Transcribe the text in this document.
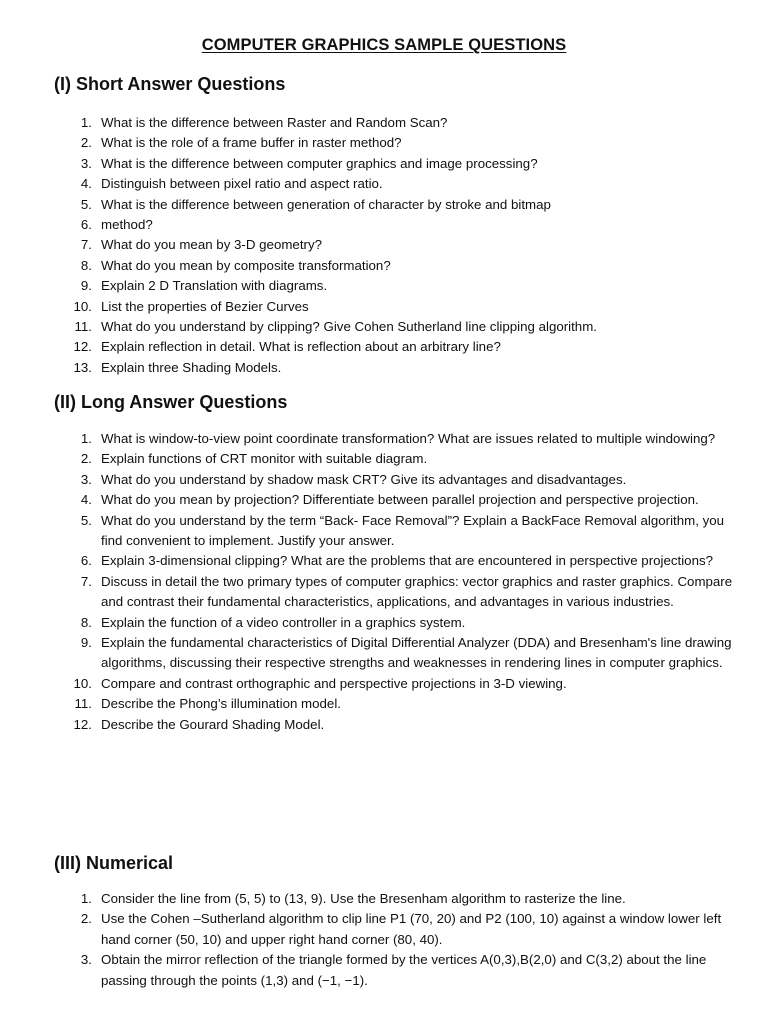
COMPUTER GRAPHICS SAMPLE QUESTIONS
(I) Short Answer Questions
1. What is the difference between Raster and Random Scan?
2. What is the role of a frame buffer in raster method?
3. What is the difference between computer graphics and image processing?
4. Distinguish between pixel ratio and aspect ratio.
5. What is the difference between generation of character by stroke and bitmap
6. method?
7. What do you mean by 3-D geometry?
8. What do you mean by composite transformation?
9. Explain 2 D Translation with diagrams.
10. List the properties of Bezier Curves
11. What do you understand by clipping? Give Cohen Sutherland line clipping algorithm.
12. Explain reflection in detail. What is reflection about an arbitrary line?
13. Explain three Shading Models.
(II) Long Answer Questions
1. What is window-to-view point coordinate transformation? What are issues related to multiple windowing?
2. Explain functions of CRT monitor with suitable diagram.
3. What do you understand by shadow mask CRT? Give its advantages and disadvantages.
4. What do you mean by projection? Differentiate between parallel projection and perspective projection.
5. What do you understand by the term “Back- Face Removal”? Explain a BackFace Removal algorithm, you find convenient to implement. Justify your answer.
6. Explain 3-dimensional clipping? What are the problems that are encountered in perspective projections?
7. Discuss in detail the two primary types of computer graphics: vector graphics and raster graphics. Compare and contrast their fundamental characteristics, applications, and advantages in various industries.
8. Explain the function of a video controller in a graphics system.
9. Explain the fundamental characteristics of Digital Differential Analyzer (DDA) and Bresenham's line drawing algorithms, discussing their respective strengths and weaknesses in rendering lines in computer graphics.
10. Compare and contrast orthographic and perspective projections in 3-D viewing.
11. Describe the Phong’s illumination model.
12. Describe the Gourard Shading Model.
(III) Numerical
1. Consider the line from (5, 5) to (13, 9). Use the Bresenham algorithm to rasterize the line.
2. Use the Cohen –Sutherland algorithm to clip line P1 (70, 20) and P2 (100, 10) against a window lower left hand corner (50, 10) and upper right hand corner (80, 40).
3. Obtain the mirror reflection of the triangle formed by the vertices A(0,3),B(2,0) and C(3,2) about the line passing through the points (1,3) and (−1, −1).
